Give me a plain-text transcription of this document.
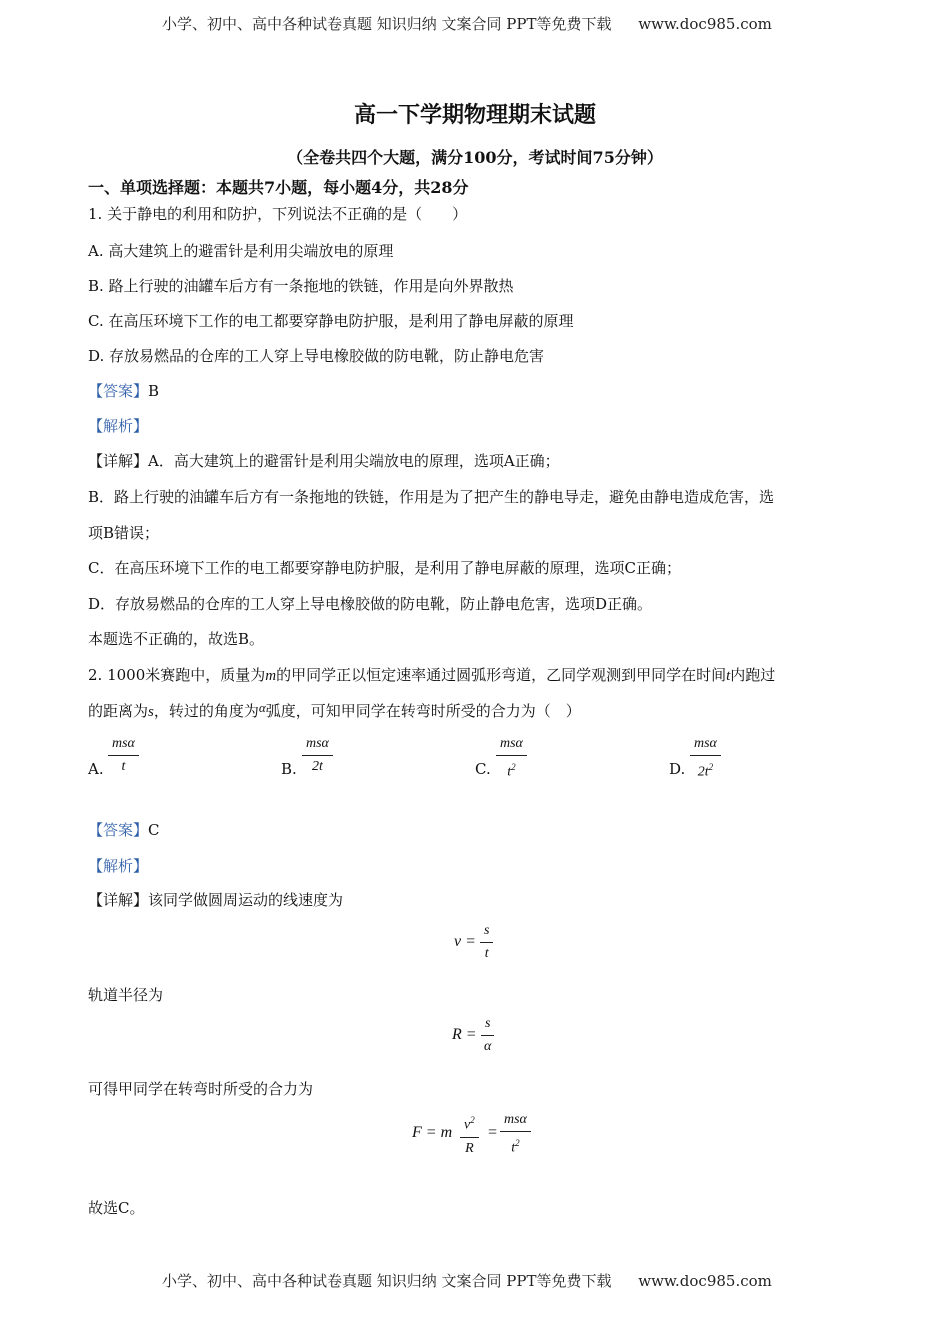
小学、初中、高中各种试卷真题 知识归纳 文案合同 PPT等免费下载 www.doc985.com
高一下学期物理期末试题
（全卷共四个大题，满分100分，考试时间75分钟）
一、单项选择题：本题共7小题，每小题4分，共28分
1. 关于静电的利用和防护，下列说法不正确的是（　　）
A. 高大建筑上的避雷针是利用尖端放电的原理
B. 路上行驶的油罐车后方有一条拖地的铁链，作用是向外界散热
C. 在高压环境下工作的电工都要穿静电防护服，是利用了静电屏蔽的原理
D. 存放易燃品的仓库的工人穿上导电橡胶做的防电靴，防止静电危害
【答案】B
【解析】
【详解】A．高大建筑上的避雷针是利用尖端放电的原理，选项A正确；
B．路上行驶的油罐车后方有一条拖地的铁链，作用是为了把产生的静电导走，避免由静电造成危害，选
项B错误；
C．在高压环境下工作的电工都要穿静电防护服，是利用了静电屏蔽的原理，选项C正确；
D．存放易燃品的仓库的工人穿上导电橡胶做的防电靴，防止静电危害，选项D正确。
本题选不正确的，故选B。
2. 1000米赛跑中，质量为m的甲同学正以恒定速率通过圆弧形弯道，乙同学观测到甲同学在时间t内跑过
的距离为s，转过的角度为α弧度，可知甲同学在转弯时所受的合力为（　）
A.
msα
t	B.
msα
2t	C.
msα
$t^2$	D.
msα
$2t^2$
【答案】C
【解析】
【详解】该同学做圆周运动的线速度为
v =
s
t
轨道半径为
R =
s
α
可得甲同学在转弯时所受的合力为
F = m $v^2$
R
=
msα
$t^2$
故选C。
小学、初中、高中各种试卷真题 知识归纳 文案合同 PPT等免费下载 www.doc985.com
